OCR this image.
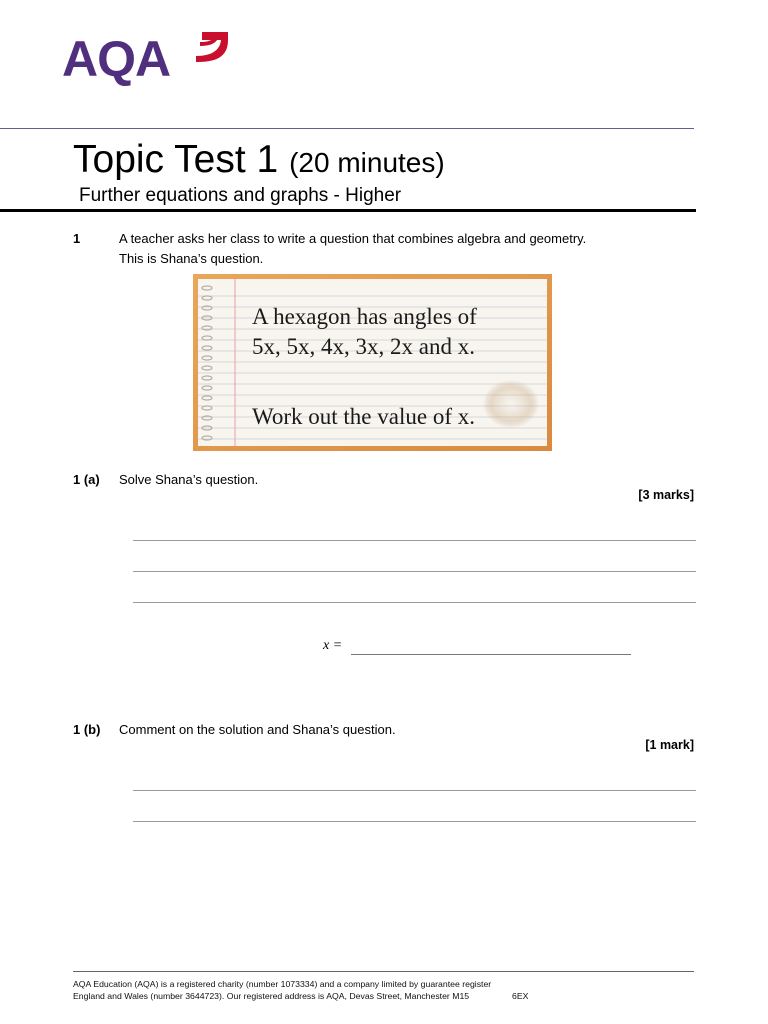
AQA
Topic Test 1 (20 minutes)
Further equations and graphs - Higher
1	A teacher asks her class to write a question that combines algebra and geometry.
This is Shana’s question.
A hexagon has angles of
5x, 5x, 4x, 3x, 2x and x.
Work out the value of x.
1 (a) Solve Shana’s question.
[3 marks]
x =
1 (b) Comment on the solution and Shana’s question.
[1 mark]
AQA Education (AQA) is a registered charity (number 1073334) and a company limited by guarantee register
England and Wales (number 3644723). Our registered address is AQA, Devas Street, Manchester M15	6EX
